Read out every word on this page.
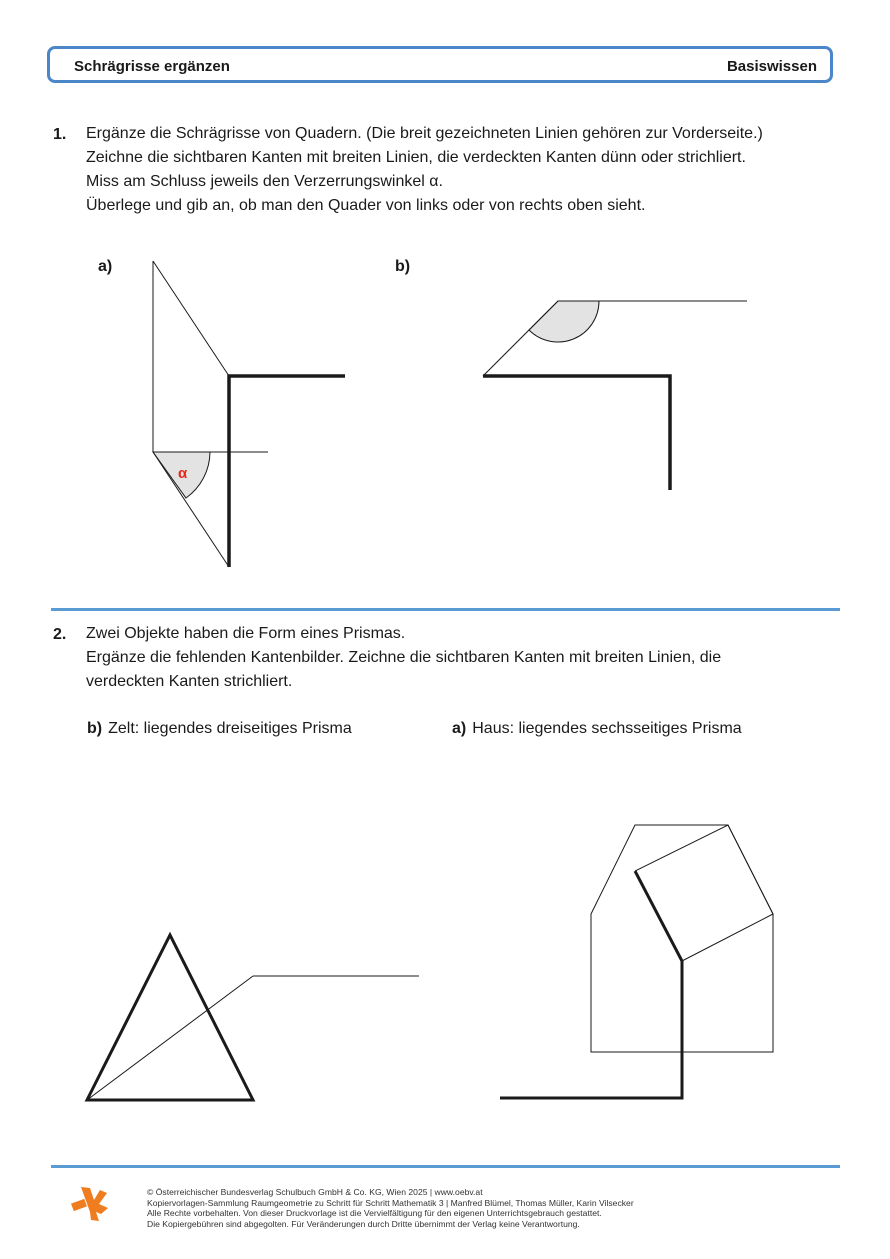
Schrägrisse ergänzen	Basiswissen
1. Ergänze die Schrägrisse von Quadern. (Die breit gezeichneten Linien gehören zur Vorderseite.)
Zeichne die sichtbaren Kanten mit breiten Linien, die verdeckten Kanten dünn oder strichliert.
Miss am Schluss jeweils den Verzerrungswinkel α.
Überlege und gib an, ob man den Quader von links oder von rechts oben sieht.
a)	b)
α
2. Zwei Objekte haben die Form eines Prismas.
Ergänze die fehlenden Kantenbilder. Zeichne die sichtbaren Kanten mit breiten Linien, die
verdeckten Kanten strichliert.
b) Zelt: liegendes dreiseitiges Prisma	a) Haus: liegendes sechsseitiges Prisma
© Österreichischer Bundesverlag Schulbuch GmbH & Co. KG, Wien 2025 | www.oebv.at
Kopiervorlagen-Sammlung Raumgeometrie zu Schritt für Schritt Mathematik 3 | Manfred Blümel, Thomas Müller, Karin Vilsecker
Alle Rechte vorbehalten. Von dieser Druckvorlage ist die Vervielfältigung für den eigenen Unterrichtsgebrauch gestattet.
Die Kopiergebühren sind abgegolten. Für Veränderungen durch Dritte übernimmt der Verlag keine Verantwortung.
